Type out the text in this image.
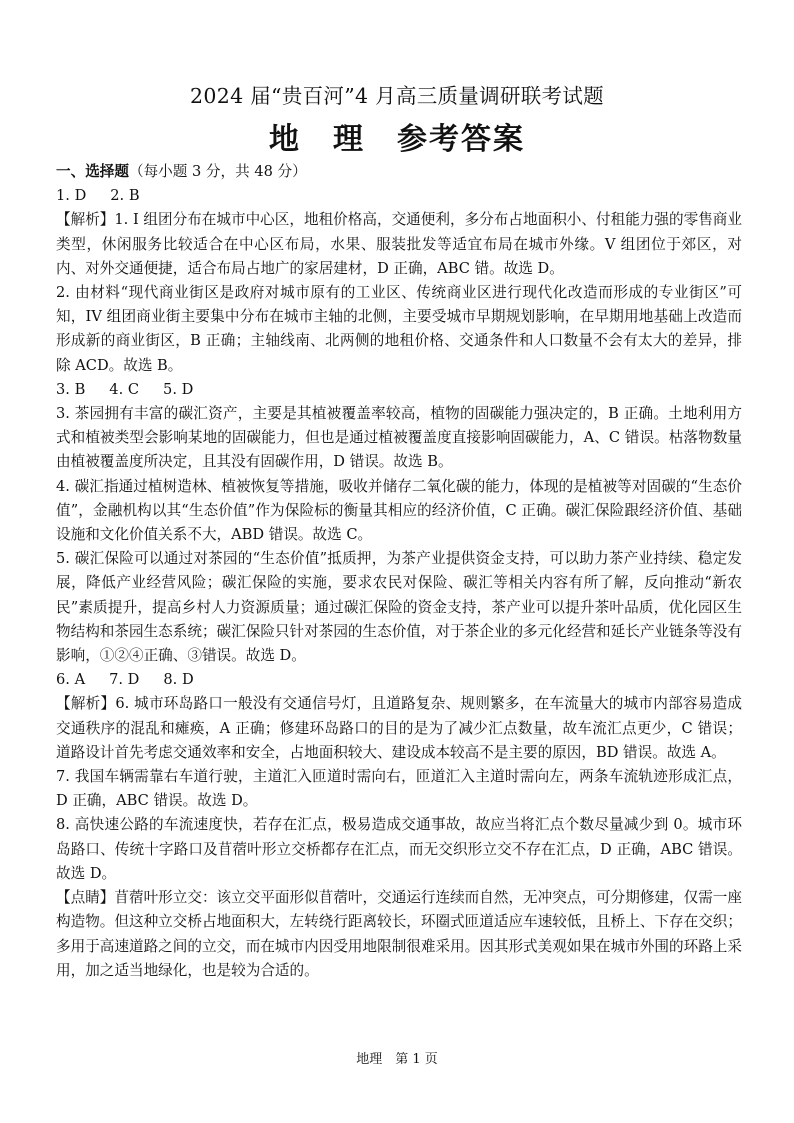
2024 届“贵百河”4 月高三质量调研联考试题
地　理　参考答案

一、选择题（每小题 3 分，共 48 分）

1. D 2. B

【解析】1. I 组团分布在城市中心区，地租价格高，交通便利，多分布占地面积小、付租能力强的零售商业类型，休闲服务比较适合在中心区布局，水果、服装批发等适宜布局在城市外缘。V 组团位于郊区，对内、对外交通便捷，适合布局占地广的家居建材，D 正确，ABC 错。故选 D。

2. 由材料“现代商业街区是政府对城市原有的工业区、传统商业区进行现代化改造而形成的专业街区”可知，IV 组团商业街主要集中分布在城市主轴的北侧，主要受城市早期规划影响，在早期用地基础上改造而形成新的商业街区，B 正确；主轴线南、北两侧的地租价格、交通条件和人口数量不会有太大的差异，排除 ACD。故选 B。

3. B 4. C 5. D

3. 茶园拥有丰富的碳汇资产，主要是其植被覆盖率较高，植物的固碳能力强决定的，B 正确。土地利用方式和植被类型会影响某地的固碳能力，但也是通过植被覆盖度直接影响固碳能力，A、C 错误。枯落物数量由植被覆盖度所决定，且其没有固碳作用，D 错误。故选 B。

4. 碳汇指通过植树造林、植被恢复等措施，吸收并储存二氧化碳的能力，体现的是植被等对固碳的“生态价值”，金融机构以其“生态价值”作为保险标的衡量其相应的经济价值，C 正确。碳汇保险跟经济价值、基础设施和文化价值关系不大，ABD 错误。故选 C。

5. 碳汇保险可以通过对茶园的“生态价值”抵质押，为茶产业提供资金支持，可以助力茶产业持续、稳定发展，降低产业经营风险；碳汇保险的实施，要求农民对保险、碳汇等相关内容有所了解，反向推动“新农民”素质提升，提高乡村人力资源质量；通过碳汇保险的资金支持，茶产业可以提升茶叶品质，优化园区生物结构和茶园生态系统；碳汇保险只针对茶园的生态价值，对于茶企业的多元化经营和延长产业链条等没有影响，①②④正确、③错误。故选 D。

6. A 7. D 8. D

【解析】6. 城市环岛路口一般没有交通信号灯，且道路复杂、规则繁多，在车流量大的城市内部容易造成交通秩序的混乱和瘫痪，A 正确；修建环岛路口的目的是为了减少汇点数量，故车流汇点更少，C 错误；道路设计首先考虑交通效率和安全，占地面积较大、建设成本较高不是主要的原因，BD 错误。故选 A。

7. 我国车辆需靠右车道行驶，主道汇入匝道时需向右，匝道汇入主道时需向左，两条车流轨迹形成汇点，D 正确，ABC 错误。故选 D。

8. 高快速公路的车流速度快，若存在汇点，极易造成交通事故，故应当将汇点个数尽量减少到 0。城市环岛路口、传统十字路口及苜蓿叶形立交桥都存在汇点，而无交织形立交不存在汇点，D 正确，ABC 错误。故选 D。

【点睛】苜蓿叶形立交：该立交平面形似苜蓿叶，交通运行连续而自然，无冲突点，可分期修建，仅需一座构造物。但这种立交桥占地面积大，左转绕行距离较长，环圈式匝道适应车速较低，且桥上、下存在交织；多用于高速道路之间的立交，而在城市内因受用地限制很难采用。因其形式美观如果在城市外围的环路上采用，加之适当地绿化，也是较为合适的。

地理　第 1 页
